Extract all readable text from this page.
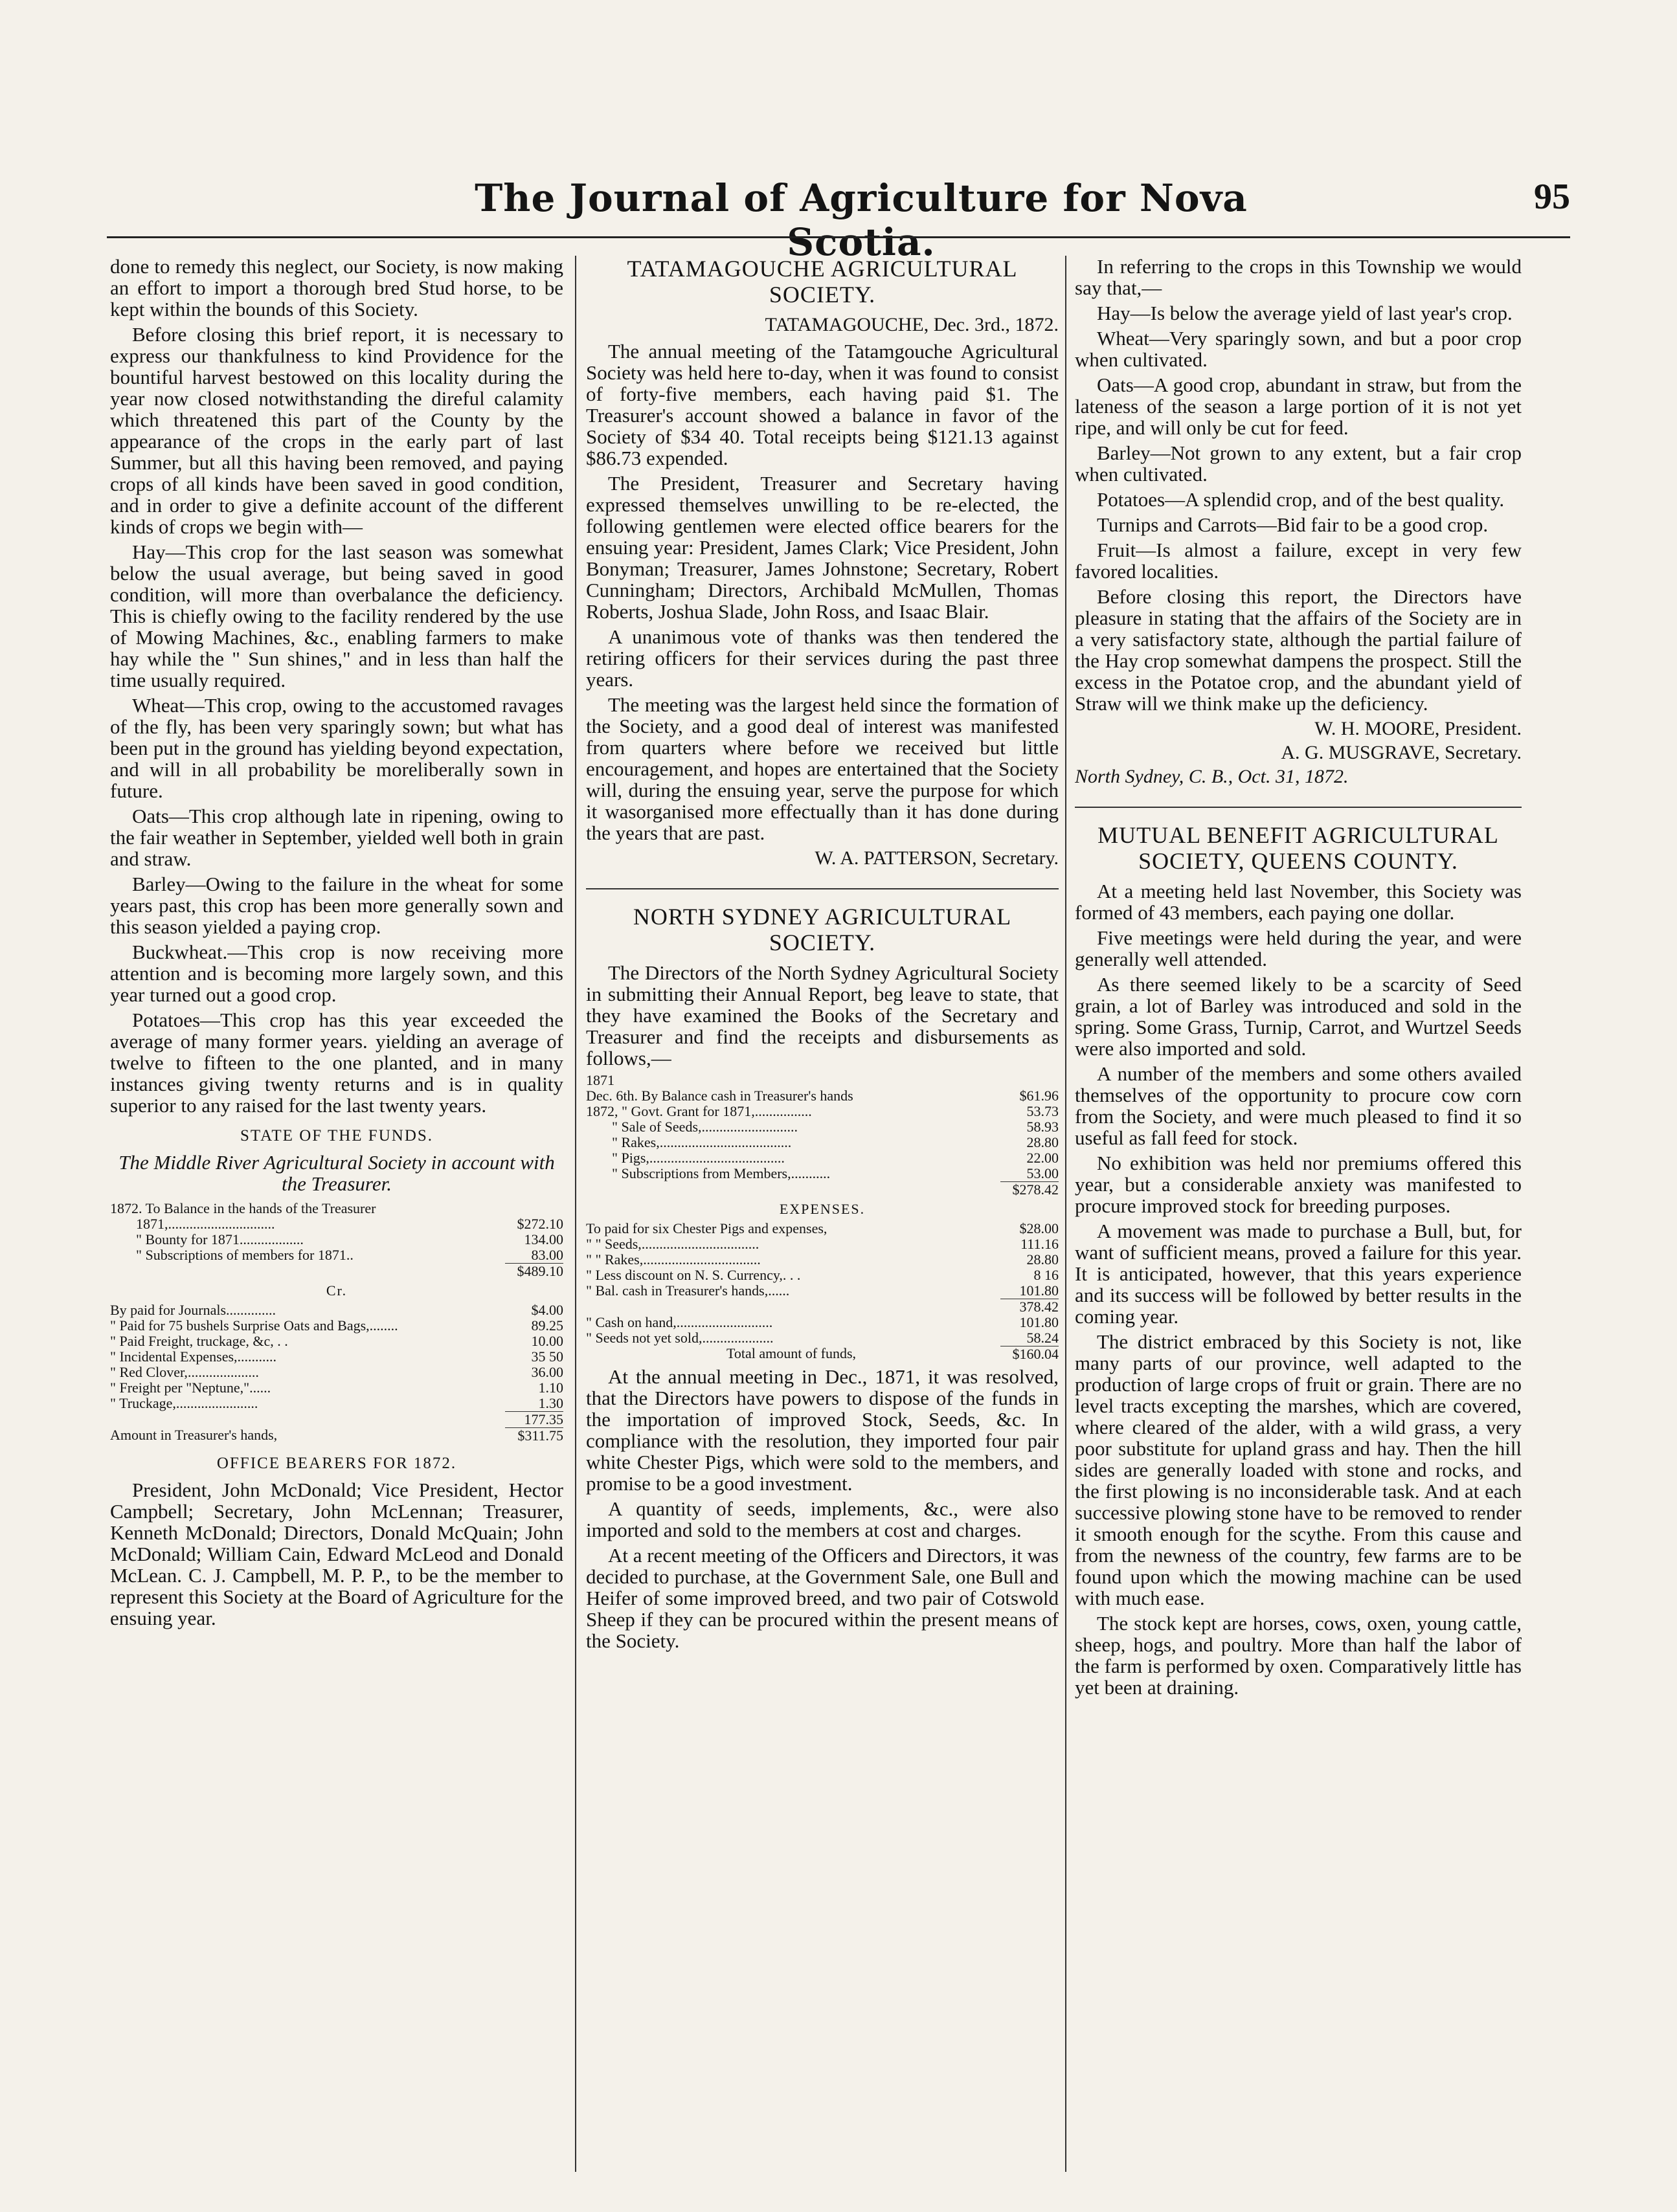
The Journal of Agriculture for Nova Scotia.
95

done to remedy this neglect, our Society, is now making an effort to import a thorough bred Stud horse, to be kept within the bounds of this Society.

Before closing this brief report, it is necessary to express our thankfulness to kind Providence for the bountiful harvest bestowed on this locality during the year now closed notwithstanding the direful calamity which threatened this part of the County by the appearance of the crops in the early part of last Summer, but all this having been removed, and paying crops of all kinds have been saved in good condition, and in order to give a definite account of the different kinds of crops we begin with—

Hay—This crop for the last season was somewhat below the usual average, but being saved in good condition, will more than overbalance the deficiency. This is chiefly owing to the facility rendered by the use of Mowing Machines, &c., enabling farmers to make hay while the " Sun shines," and in less than half the time usually required.

Wheat—This crop, owing to the accustomed ravages of the fly, has been very sparingly sown; but what has been put in the ground has yielding beyond expectation, and will in all probability be moreliberally sown in future.

Oats—This crop although late in ripening, owing to the fair weather in September, yielded well both in grain and straw.

Barley—Owing to the failure in the wheat for some years past, this crop has been more generally sown and this season yielded a paying crop.

Buckwheat.—This crop is now receiving more attention and is becoming more largely sown, and this year turned out a good crop.

Potatoes—This crop has this year exceeded the average of many former years. yielding an average of twelve to fifteen to the one planted, and in many instances giving twenty returns and is in quality superior to any raised for the last twenty years.

STATE OF THE FUNDS.
The Middle River Agricultural Society in account with the Treasurer.
1872. To Balance in the hands of the Treasurer
1871,..............................	$272.10
" Bounty for 1871..................	134.00
" Subscriptions of members for 1871..	83.00
$489.10
Cr.
By paid for Journals..............	$4.00
" Paid for 75 bushels Surprise Oats and Bags,........	89.25
" Paid Freight, truckage, &c, . .	10.00
" Incidental Expenses,...........	35 50
" Red Clover,....................	36.00
" Freight per "Neptune,"......	1.10
" Truckage,.......................	1.30
177.35
Amount in Treasurer's hands,	$311.75
OFFICE BEARERS FOR 1872.

President, John McDonald; Vice President, Hector Campbell; Secretary, John McLennan; Treasurer, Kenneth McDonald; Directors, Donald McQuain; John McDonald; William Cain, Edward McLeod and Donald McLean. C. J. Campbell, M. P. P., to be the member to represent this Society at the Board of Agriculture for the ensuing year.

TATAMAGOUCHE AGRICULTURAL SOCIETY.
TATAMAGOUCHE, Dec. 3rd., 1872.

The annual meeting of the Tatamgouche Agricultural Society was held here to-day, when it was found to consist of forty-five members, each having paid $1. The Treasurer's account showed a balance in favor of the Society of $34 40. Total receipts being $121.13 against $86.73 expended.

The President, Treasurer and Secretary having expressed themselves unwilling to be re-elected, the following gentlemen were elected office bearers for the ensuing year: President, James Clark; Vice President, John Bonyman; Treasurer, James Johnstone; Secretary, Robert Cunningham; Directors, Archibald McMullen, Thomas Roberts, Joshua Slade, John Ross, and Isaac Blair.

A unanimous vote of thanks was then tendered the retiring officers for their services during the past three years.

The meeting was the largest held since the formation of the Society, and a good deal of interest was manifested from quarters where before we received but little encouragement, and hopes are entertained that the Society will, during the ensuing year, serve the purpose for which it wasorganised more effectually than it has done during the years that are past.

W. A. PATTERSON, Secretary.
NORTH SYDNEY AGRICULTURAL SOCIETY.

The Directors of the North Sydney Agricultural Society in submitting their Annual Report, beg leave to state, that they have examined the Books of the Secretary and Treasurer and find the receipts and disbursements as follows,—

1871
Dec. 6th. By Balance cash in Treasurer's hands	$61.96
1872, " Govt. Grant for 1871,................	53.73
" Sale of Seeds,...........................	58.93
" Rakes,.....................................	28.80
" Pigs,......................................	22.00
" Subscriptions from Members,...........	53.00
$278.42
EXPENSES.
To paid for six Chester Pigs and expenses,	$28.00
" " Seeds,.................................	111.16
" " Rakes,.................................	28.80
" Less discount on N. S. Currency,. . .	8 16
" Bal. cash in Treasurer's hands,......	101.80
378.42
" Cash on hand,...........................	101.80
" Seeds not yet sold,....................	58.24
Total amount of funds,	$160.04

At the annual meeting in Dec., 1871, it was resolved, that the Directors have powers to dispose of the funds in the importation of improved Stock, Seeds, &c. In compliance with the resolution, they imported four pair white Chester Pigs, which were sold to the members, and promise to be a good investment.

A quantity of seeds, implements, &c., were also imported and sold to the members at cost and charges.

At a recent meeting of the Officers and Directors, it was decided to purchase, at the Government Sale, one Bull and Heifer of some improved breed, and two pair of Cotswold Sheep if they can be procured within the present means of the Society.

In referring to the crops in this Township we would say that,—

Hay—Is below the average yield of last year's crop.

Wheat—Very sparingly sown, and but a poor crop when cultivated.

Oats—A good crop, abundant in straw, but from the lateness of the season a large portion of it is not yet ripe, and will only be cut for feed.

Barley—Not grown to any extent, but a fair crop when cultivated.

Potatoes—A splendid crop, and of the best quality.

Turnips and Carrots—Bid fair to be a good crop.

Fruit—Is almost a failure, except in very few favored localities.

Before closing this report, the Directors have pleasure in stating that the affairs of the Society are in a very satisfactory state, although the partial failure of the Hay crop somewhat dampens the prospect. Still the excess in the Potatoe crop, and the abundant yield of Straw will we think make up the deficiency.

W. H. MOORE, President.
A. G. MUSGRAVE, Secretary.
North Sydney, C. B., Oct. 31, 1872.
MUTUAL BENEFIT AGRICULTURAL SOCIETY, QUEENS COUNTY.

At a meeting held last November, this Society was formed of 43 members, each paying one dollar.

Five meetings were held during the year, and were generally well attended.

As there seemed likely to be a scarcity of Seed grain, a lot of Barley was introduced and sold in the spring. Some Grass, Turnip, Carrot, and Wurtzel Seeds were also imported and sold.

A number of the members and some others availed themselves of the opportunity to procure cow corn from the Society, and were much pleased to find it so useful as fall feed for stock.

No exhibition was held nor premiums offered this year, but a considerable anxiety was manifested to procure improved stock for breeding purposes.

A movement was made to purchase a Bull, but, for want of sufficient means, proved a failure for this year. It is anticipated, however, that this years experience and its success will be followed by better results in the coming year.

The district embraced by this Society is not, like many parts of our province, well adapted to the production of large crops of fruit or grain. There are no level tracts excepting the marshes, which are covered, where cleared of the alder, with a wild grass, a very poor substitute for upland grass and hay. Then the hill sides are generally loaded with stone and rocks, and the first plowing is no inconsiderable task. And at each successive plowing stone have to be removed to render it smooth enough for the scythe. From this cause and from the newness of the country, few farms are to be found upon which the mowing machine can be used with much ease.

The stock kept are horses, cows, oxen, young cattle, sheep, hogs, and poultry. More than half the labor of the farm is performed by oxen. Comparatively little has yet been at draining.
